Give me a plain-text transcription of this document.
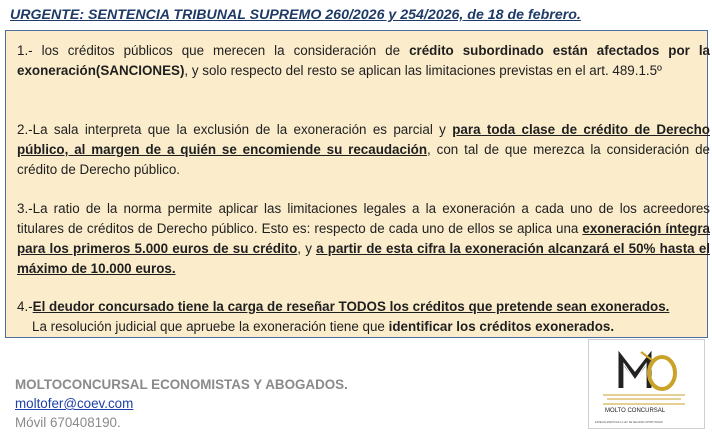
URGENTE: SENTENCIA TRIBUNAL SUPREMO 260/2026 y 254/2026, de 18 de febrero.
1.- los créditos públicos que merecen la consideración de crédito subordinado están afectados por la exoneración(SANCIONES), y solo respecto del resto se aplican las limitaciones previstas en el art. 489.1.5º
2.-La sala interpreta que la exclusión de la exoneración es parcial y para toda clase de crédito de Derecho público, al margen de a quién se encomiende su recaudación, con tal de que merezca la consideración de crédito de Derecho público.
3.-La ratio de la norma permite aplicar las limitaciones legales a la exoneración a cada uno de los acreedores titulares de créditos de Derecho público. Esto es: respecto de cada uno de ellos se aplica una exoneración íntegra para los primeros 5.000 euros de su crédito, y a partir de esta cifra la exoneración alcanzará el 50% hasta el máximo de 10.000 euros.
4.-El deudor concursado tiene la carga de reseñar TODOS los créditos que pretende sean exonerados.
La resolución judicial que apruebe la exoneración tiene que identificar los créditos exonerados.
MOLTOCONCURSAL ECONOMISTAS Y ABOGADOS.
moltofer@coev.com
Móvil 670408190.
MOLTO CONCURSAL
ESPECIALIZADOS EN LA LEY DE SEGUNDA OPORTUNIDAD
